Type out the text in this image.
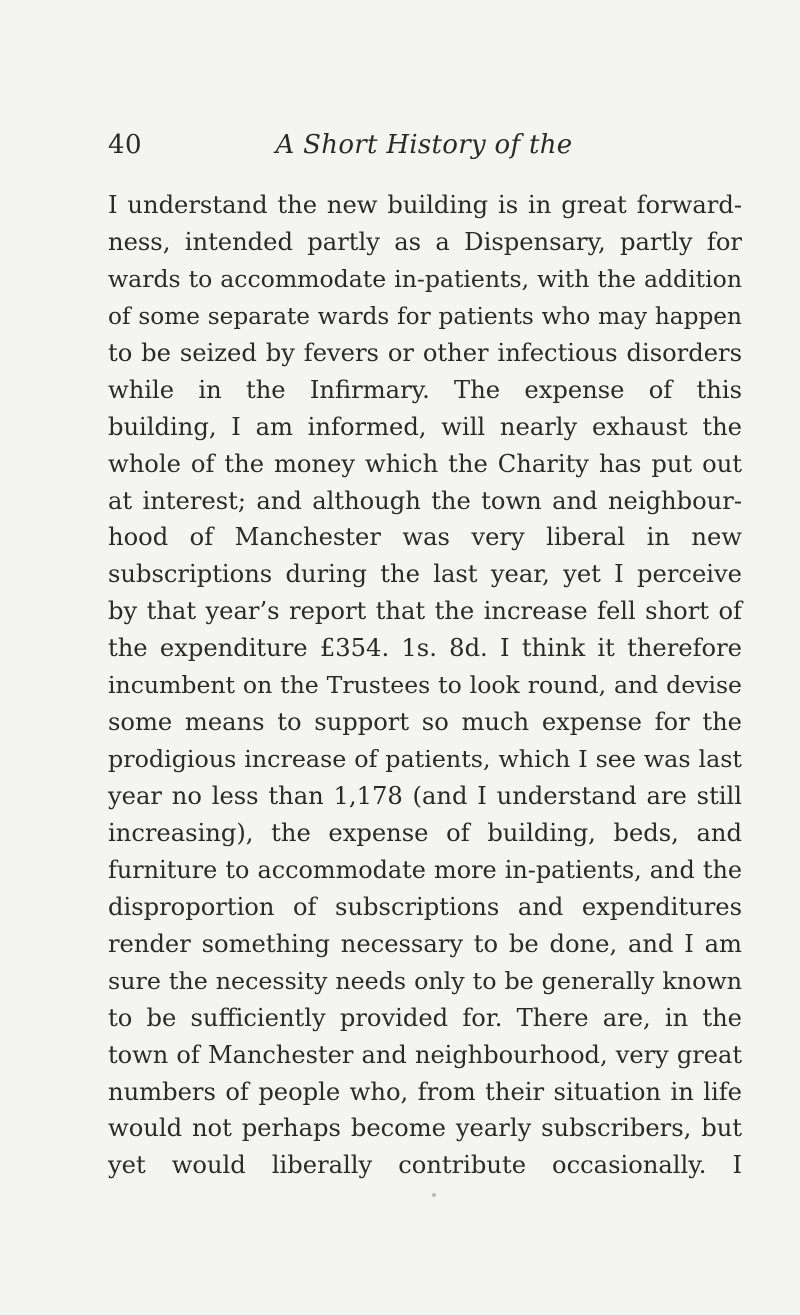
40	A Short History of the
I understand the new building is in great forward-
ness, intended partly as a Dispensary, partly for
wards to accommodate in-patients, with the addition
of some separate wards for patients who may happen
to be seized by fevers or other infectious disorders
while in the Infirmary. The expense of this
building, I am informed, will nearly exhaust the
whole of the money which the Charity has put out
at interest; and although the town and neighbour-
hood of Manchester was very liberal in new
subscriptions during the last year, yet I perceive
by that year’s report that the increase fell short of
the expenditure £354. 1s. 8d. I think it therefore
incumbent on the Trustees to look round, and devise
some means to support so much expense for the
prodigious increase of patients, which I see was last
year no less than 1,178 (and I understand are still
increasing), the expense of building, beds, and
furniture to accommodate more in-patients, and the
disproportion of subscriptions and expenditures
render something necessary to be done, and I am
sure the necessity needs only to be generally known
to be sufficiently provided for. There are, in the
town of Manchester and neighbourhood, very great
numbers of people who, from their situation in life
would not perhaps become yearly subscribers, but
yet would liberally contribute occasionally. I
